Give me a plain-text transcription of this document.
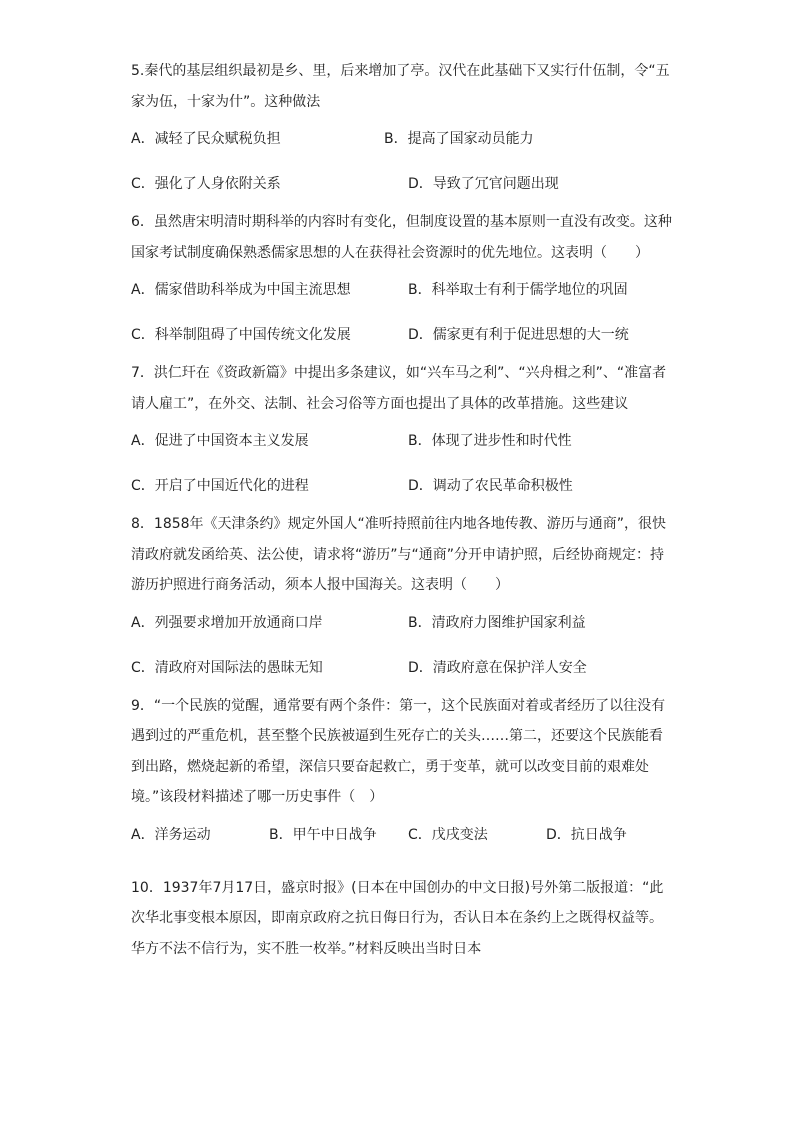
5.秦代的基层组织最初是乡、里，后来增加了亭。汉代在此基础下又实行什伍制，令“五家为伍，十家为什”。这种做法

A．减轻了民众赋税负担	B．提高了国家动员能力
C．强化了人身依附关系	D．导致了冗官问题出现

6．虽然唐宋明清时期科举的内容时有变化，但制度设置的基本原则一直没有改变。这种国家考试制度确保熟悉儒家思想的人在获得社会资源时的优先地位。这表明（　　）

A．儒家借助科举成为中国主流思想	B．科举取士有利于儒学地位的巩固
C．科举制阻碍了中国传统文化发展	D．儒家更有利于促进思想的大一统

7．洪仁玕在《资政新篇》中提出多条建议，如“兴车马之利”、“兴舟楫之利”、“准富者请人雇工”，在外交、法制、社会习俗等方面也提出了具体的改革措施。这些建议

A．促进了中国资本主义发展	B．体现了进步性和时代性
C．开启了中国近代化的进程	D．调动了农民革命积极性

8．1858年《天津条约》规定外国人“准听持照前往内地各地传教、游历与通商”，很快清政府就发函给英、法公使，请求将“游历”与“通商”分开申请护照，后经协商规定：持游历护照进行商务活动，须本人报中国海关。这表明（　　）

A．列强要求增加开放通商口岸	B．清政府力图维护国家利益
C．清政府对国际法的愚昧无知	D．清政府意在保护洋人安全

9．“一个民族的觉醒，通常要有两个条件：第一，这个民族面对着或者经历了以往没有遇到过的严重危机，甚至整个民族被逼到生死存亡的关头……第二，还要这个民族能看到出路，燃烧起新的希望，深信只要奋起救亡，勇于变革，就可以改变目前的艰难处境。”该段材料描述了哪一历史事件（　）

A．洋务运动	B．甲午中日战争 C．戊戌变法	D．抗日战争

10．1937年7月17日，盛京时报》(日本在中国创办的中文日报)号外第二版报道：“此次华北事变根本原因，即南京政府之抗日侮日行为，否认日本在条约上之既得权益等。华方不法不信行为，实不胜一枚举。”材料反映出当时日本
